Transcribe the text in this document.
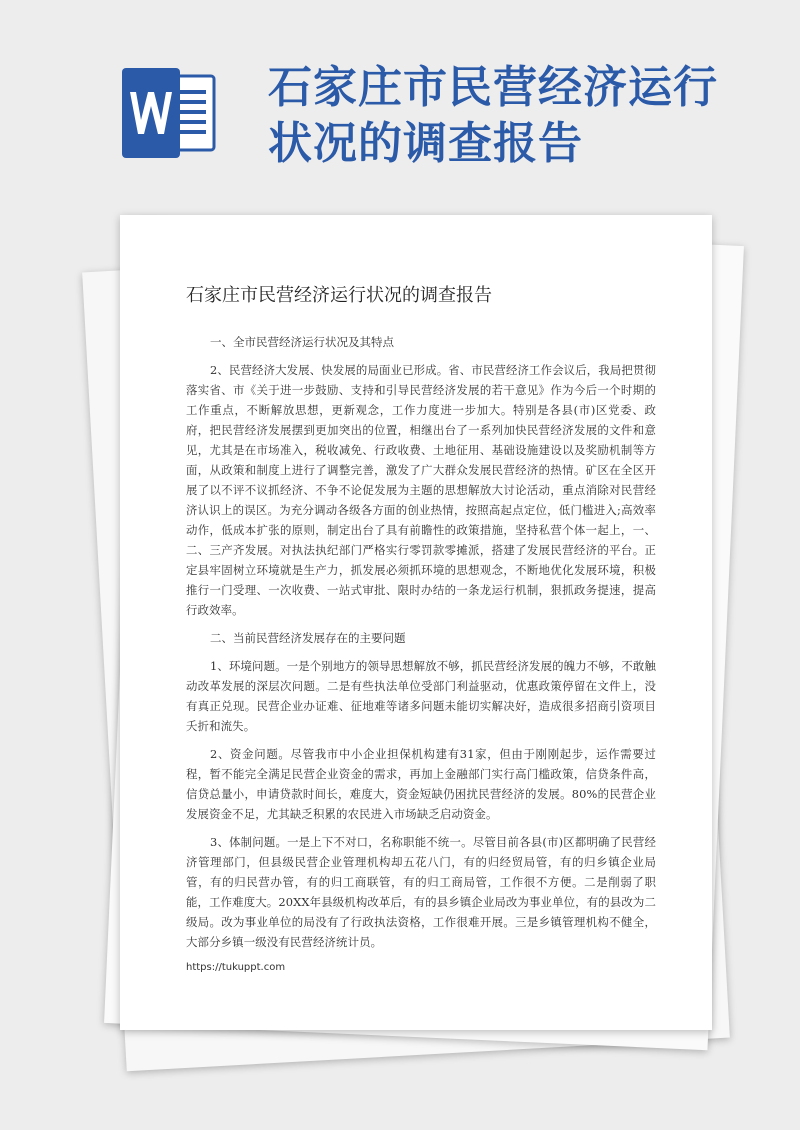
石家庄市民营经济运行
状况的调查报告
石家庄市民营经济运行状况的调查报告
一、全市民营经济运行状况及其特点

2、民营经济大发展、快发展的局面业已形成。省、市民营经济工作会议后，我局把贯彻落实省、市《关于进一步鼓励、支持和引导民营经济发展的若干意见》作为今后一个时期的工作重点，不断解放思想，更新观念，工作力度进一步加大。特别是各县(市)区党委、政府，把民营经济发展摆到更加突出的位置，相继出台了一系列加快民营经济发展的文件和意见，尤其是在市场准入，税收减免、行政收费、土地征用、基础设施建设以及奖励机制等方面，从政策和制度上进行了调整完善，激发了广大群众发展民营经济的热情。矿区在全区开展了以不评不议抓经济、不争不论促发展为主题的思想解放大讨论活动，重点消除对民营经济认识上的误区。为充分调动各级各方面的创业热情，按照高起点定位，低门槛进入;高效率动作，低成本扩张的原则，制定出台了具有前瞻性的政策措施，坚持私营个体一起上，一、二、三产齐发展。对执法执纪部门严格实行零罚款零摊派，搭建了发展民营经济的平台。正定县牢固树立环境就是生产力，抓发展必须抓环境的思想观念，不断地优化发展环境，积极推行一门受理、一次收费、一站式审批、限时办结的一条龙运行机制，狠抓政务提速，提高行政效率。

二、当前民营经济发展存在的主要问题

1、环境问题。一是个别地方的领导思想解放不够，抓民营经济发展的魄力不够，不敢触动改革发展的深层次问题。二是有些执法单位受部门利益驱动，优惠政策停留在文件上，没有真正兑现。民营企业办证难、征地难等诸多问题未能切实解决好，造成很多招商引资项目夭折和流失。

2、资金问题。尽管我市中小企业担保机构建有31家，但由于刚刚起步，运作需要过程，暂不能完全满足民营企业资金的需求，再加上金融部门实行高门槛政策，信贷条件高，信贷总量小，申请贷款时间长，难度大，资金短缺仍困扰民营经济的发展。80%的民营企业发展资金不足，尤其缺乏积累的农民进入市场缺乏启动资金。

3、体制问题。一是上下不对口，名称职能不统一。尽管目前各县(市)区都明确了民营经济管理部门，但县级民营企业管理机构却五花八门，有的归经贸局管，有的归乡镇企业局管，有的归民营办管，有的归工商联管，有的归工商局管，工作很不方便。二是削弱了职能，工作难度大。20XX年县级机构改革后，有的县乡镇企业局改为事业单位，有的县改为二级局。改为事业单位的局没有了行政执法资格，工作很难开展。三是乡镇管理机构不健全，大部分乡镇一级没有民营经济统计员。

https://tukuppt.com
